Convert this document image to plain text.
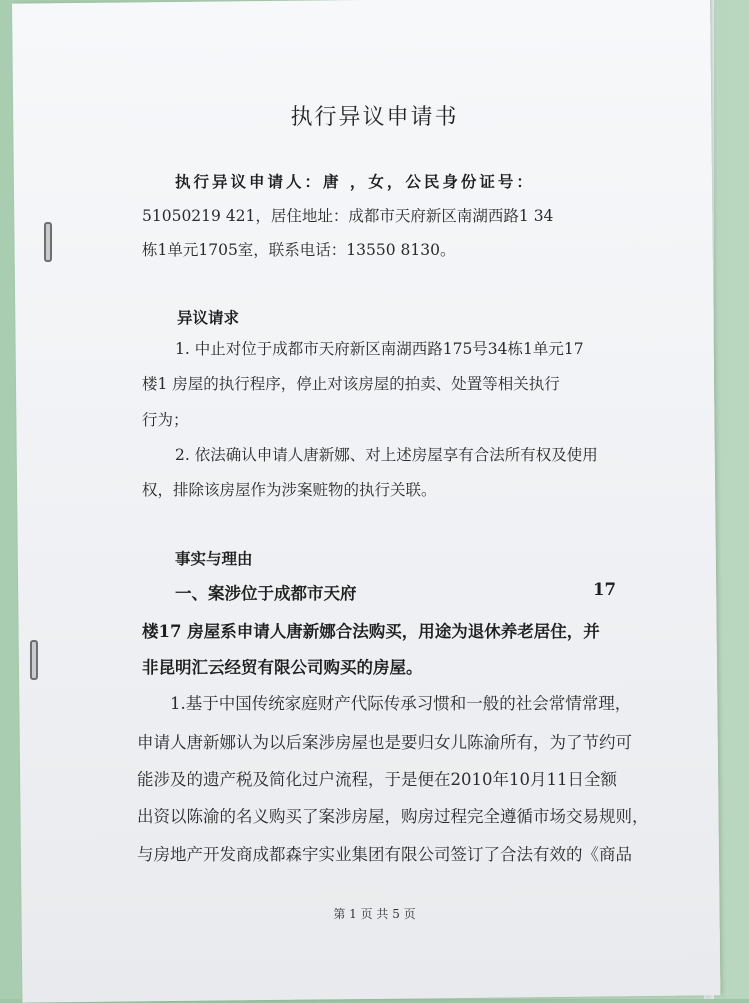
执行异议申请书
执行异议申请人：唐 ，女，公民身份证号：
51050219 421，居住地址：成都市天府新区南湖西路1 34
栋1单元1705室，联系电话：13550 8130。
异议请求
1. 中止对位于成都市天府新区南湖西路175号34栋1单元17
楼1 房屋的执行程序，停止对该房屋的拍卖、处置等相关执行
行为；
2. 依法确认申请人唐新娜、对上述房屋享有合法所有权及使用
权，排除该房屋作为涉案赃物的执行关联。
事实与理由
一、案涉位于成都市天府	17
楼17 房屋系申请人唐新娜合法购买，用途为退休养老居住，并
非昆明汇云经贸有限公司购买的房屋。
1.基于中国传统家庭财产代际传承习惯和一般的社会常情常理，
申请人唐新娜认为以后案涉房屋也是要归女儿陈渝所有，为了节约可
能涉及的遗产税及简化过户流程，于是便在2010年10月11日全额
出资以陈渝的名义购买了案涉房屋，购房过程完全遵循市场交易规则，
与房地产开发商成都森宇实业集团有限公司签订了合法有效的《商品
第 1 页 共 5 页
